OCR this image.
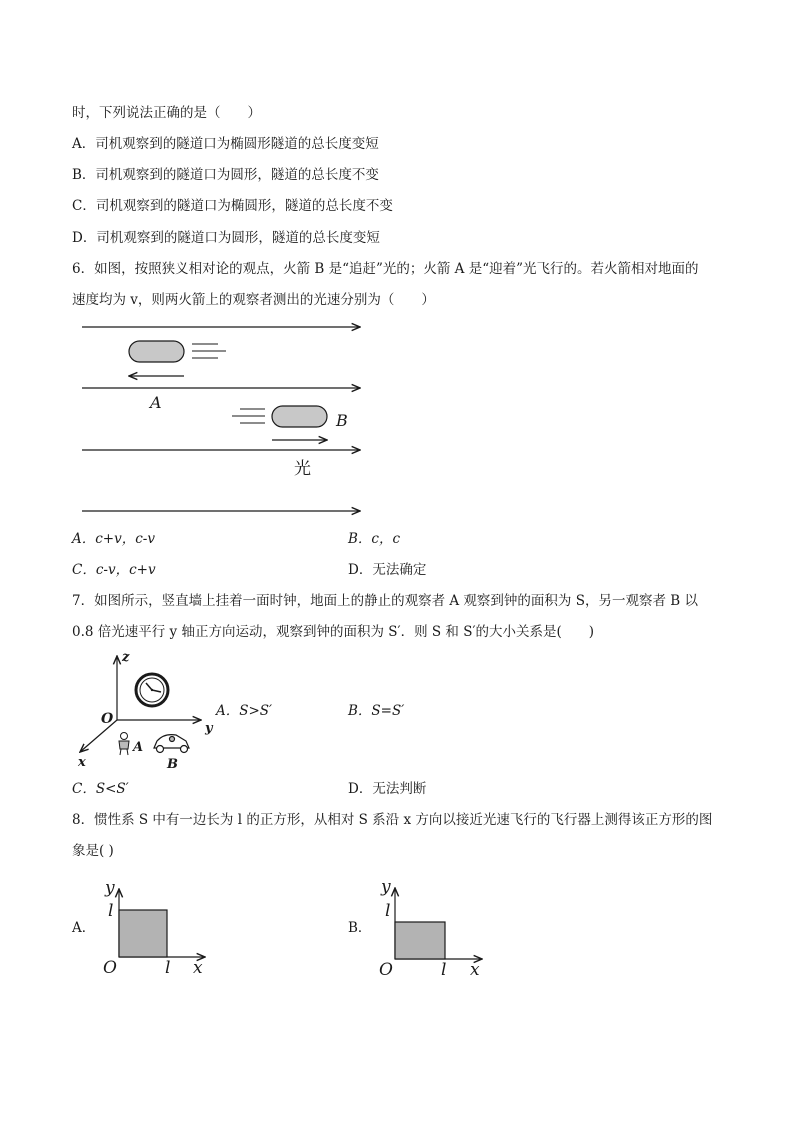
时，下列说法正确的是（　　）
A．司机观察到的隧道口为椭圆形隧道的总长度变短
B．司机观察到的隧道口为圆形，隧道的总长度不变
C．司机观察到的隧道口为椭圆形，隧道的总长度不变
D．司机观察到的隧道口为圆形，隧道的总长度变短
6．如图，按照狭义相对论的观点，火箭 B 是“追赶”光的；火箭 A 是“迎着”光飞行的。若火箭相对地面的
速度均为 v，则两火箭上的观察者测出的光速分别为（　　）
A
B
光
A．c+v，c-v	B．c，c
C．c-v，c+v	D．无法确定
7．如图所示，竖直墙上挂着一面时钟，地面上的静止的观察者 A 观察到钟的面积为 S，另一观察者 B 以
0.8 倍光速平行 y 轴正方向运动，观察到钟的面积为 S′．则 S 和 S′的大小关系是(　　)
z
y
x
O
A
B
A．S>S′	B．S=S′
C．S<S′	D．无法判断
8．惯性系 S 中有一边长为 l 的正方形，从相对 S 系沿 x 方向以接近光速飞行的飞行器上测得该正方形的图
象是( )
A．	B．
y
l
O	l x
y
l
O	l x
